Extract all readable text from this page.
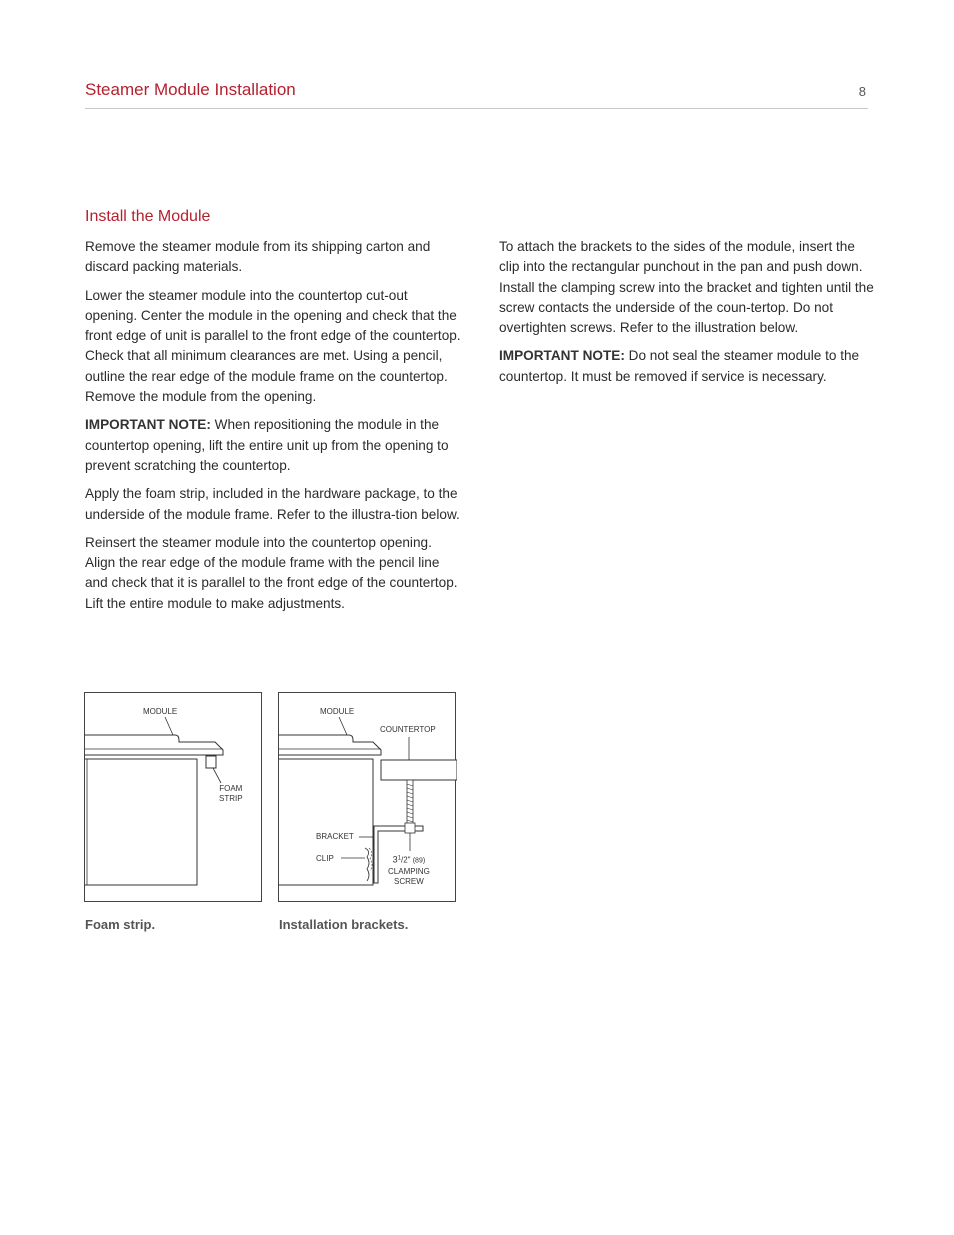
Steamer Module Installation	8
Install the Module

Remove the steamer module from its shipping carton and discard packing materials.

Lower the steamer module into the countertop cut-out opening. Center the module in the opening and check that the front edge of unit is parallel to the front edge of the countertop. Check that all minimum clearances are met. Using a pencil, outline the rear edge of the module frame on the countertop. Remove the module from the opening.

IMPORTANT NOTE: When repositioning the module in the countertop opening, lift the entire unit up from the opening to prevent scratching the countertop.

Apply the foam strip, included in the hardware package, to the underside of the module frame. Refer to the illustra-tion below.

Reinsert the steamer module into the countertop opening. Align the rear edge of the module frame with the pencil line and check that it is parallel to the front edge of the countertop. Lift the entire module to make adjustments.

To attach the brackets to the sides of the module, insert the clip into the rectangular punchout in the pan and push down. Install the clamping screw into the bracket and tighten until the screw contacts the underside of the coun-tertop. Do not overtighten screws. Refer to the illustration below.

IMPORTANT NOTE: Do not seal the steamer module to the countertop. It must be removed if service is necessary.

MODULE
FOAM
STRIP
MODULE
COUNTERTOP
BRACKET
CLIP	$3^1/2$" (89)
CLAMPING
SCREW
Foam strip.	Installation brackets.
